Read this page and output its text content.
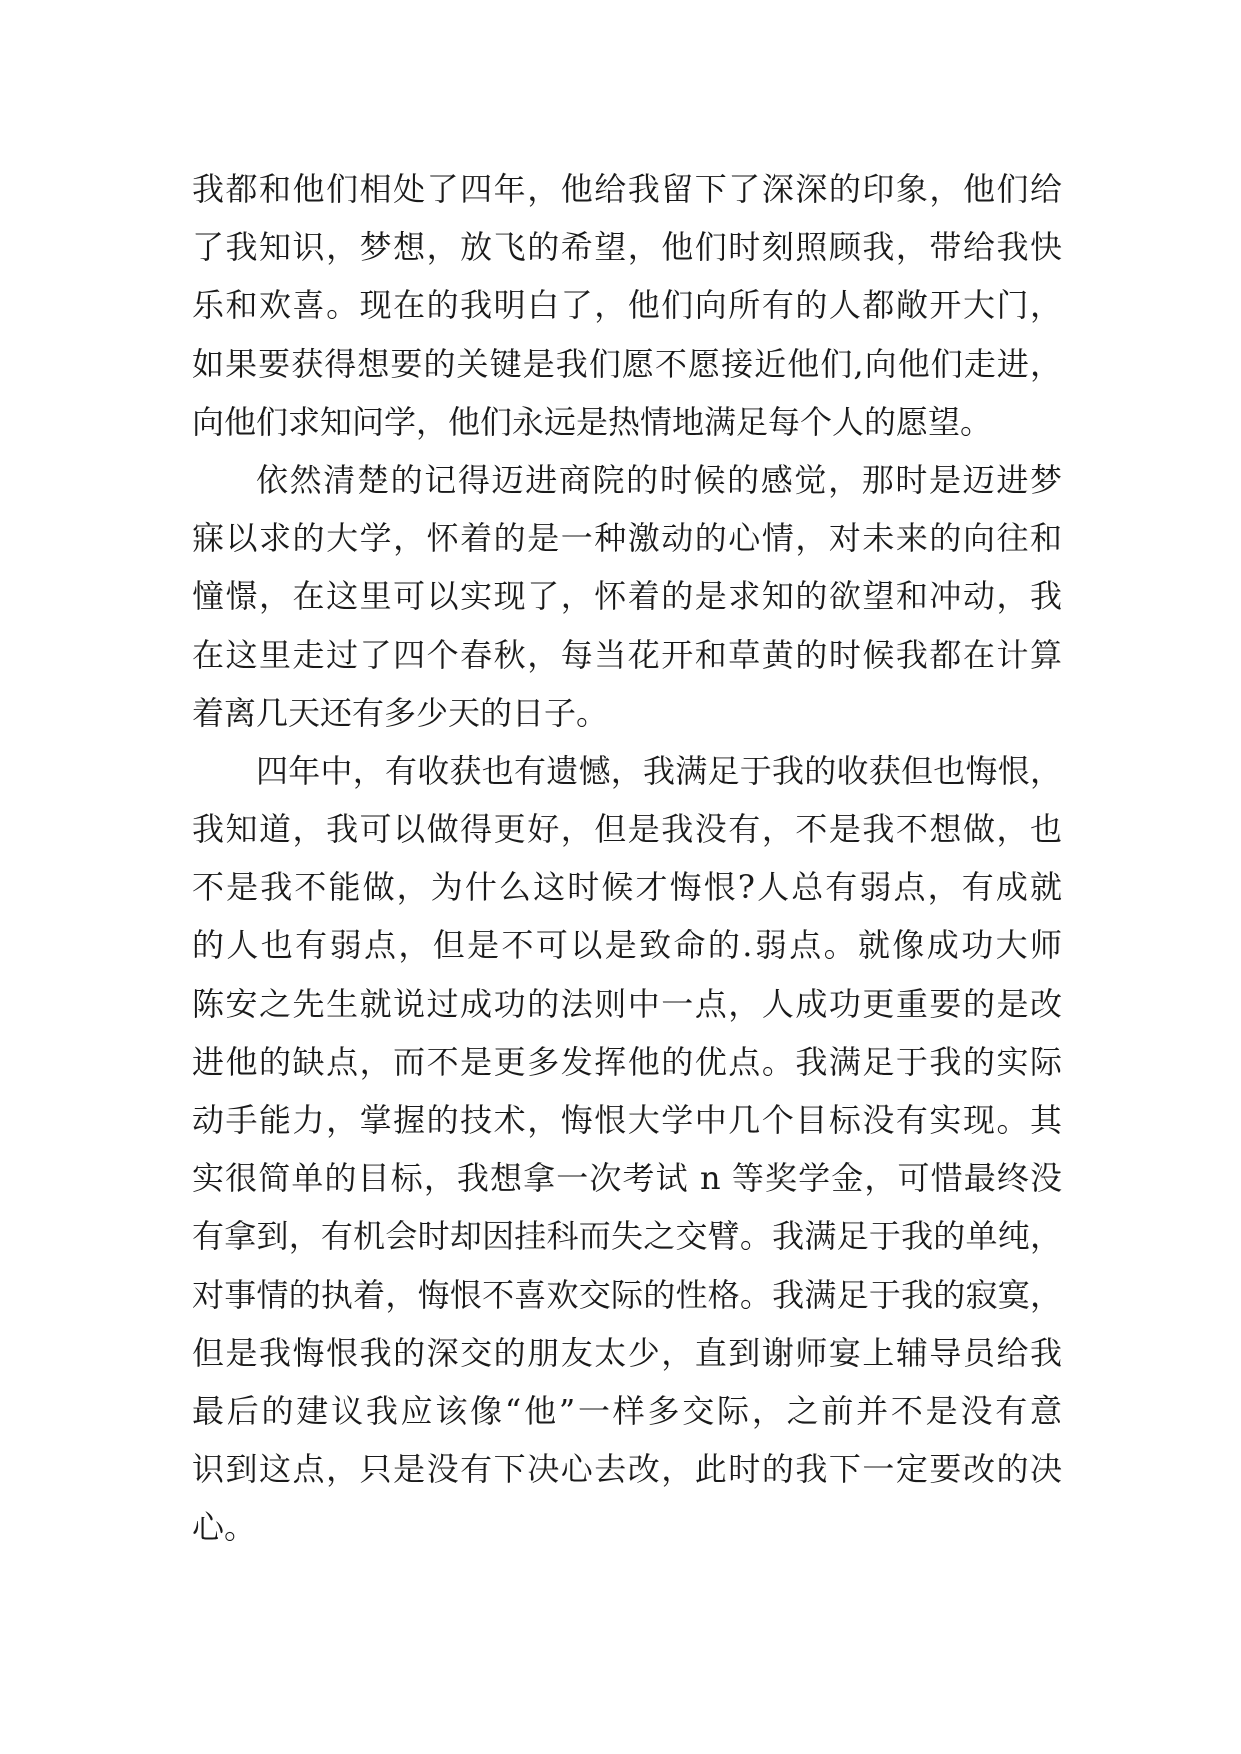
我都和他们相处了四年，他给我留下了深深的印象，他们给
了我知识，梦想，放飞的希望，他们时刻照顾我，带给我快
乐和欢喜。现在的我明白了，他们向所有的人都敞开大门，
如果要获得想要的关键是我们愿不愿接近他们,向他们走进，
向他们求知问学，他们永远是热情地满足每个人的愿望。
依然清楚的记得迈进商院的时候的感觉，那时是迈进梦
寐以求的大学，怀着的是一种激动的心情，对未来的向往和
憧憬，在这里可以实现了，怀着的是求知的欲望和冲动，我
在这里走过了四个春秋，每当花开和草黄的时候我都在计算
着离几天还有多少天的日子。
四年中，有收获也有遗憾，我满足于我的收获但也悔恨，
我知道，我可以做得更好，但是我没有，不是我不想做，也
不是我不能做，为什么这时候才悔恨?人总有弱点，有成就
的人也有弱点，但是不可以是致命的.弱点。就像成功大师
陈安之先生就说过成功的法则中一点，人成功更重要的是改
进他的缺点，而不是更多发挥他的优点。我满足于我的实际
动手能力，掌握的技术，悔恨大学中几个目标没有实现。其
实很简单的目标，我想拿一次考试 n 等奖学金，可惜最终没
有拿到，有机会时却因挂科而失之交臂。我满足于我的单纯，
对事情的执着，悔恨不喜欢交际的性格。我满足于我的寂寞，
但是我悔恨我的深交的朋友太少，直到谢师宴上辅导员给我
最后的建议我应该像“他”一样多交际，之前并不是没有意
识到这点，只是没有下决心去改，此时的我下一定要改的决
心。
